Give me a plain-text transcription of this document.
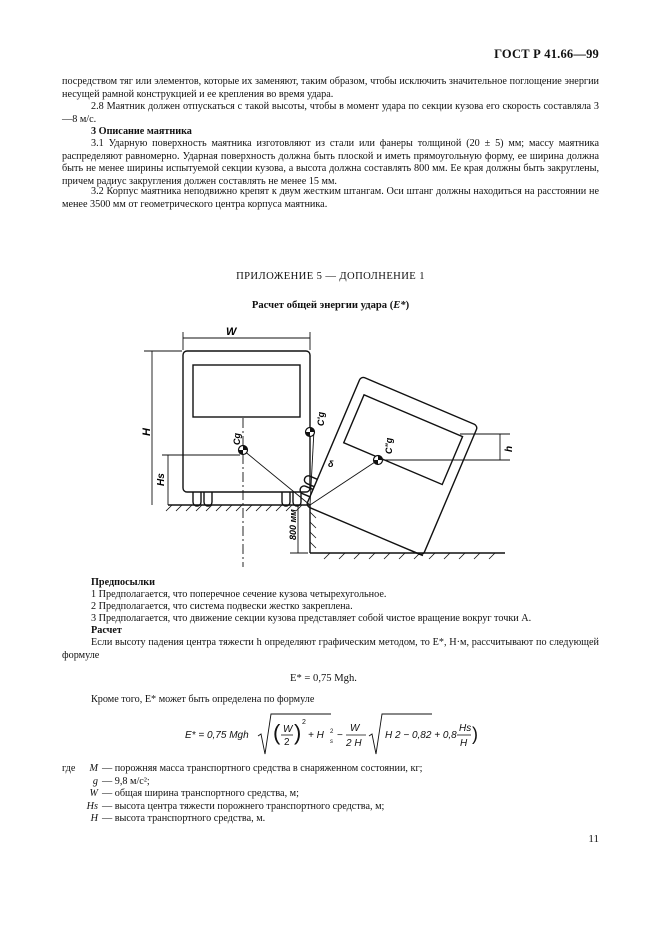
ГОСТ Р 41.66—99
посредством тяг или элементов, которые их заменяют, таким образом, чтобы исключить значительное поглощение энергии несущей рамной конструкцией и ее крепления во время удара.
2.8 Маятник должен отпускаться с такой высоты, чтобы в момент удара по секции кузова его скорость составляла 3—8 м/с.
3 Описание маятника
3.1 Ударную поверхность маятника изготовляют из стали или фанеры толщиной (20 ± 5) мм; массу маятника распределяют равномерно. Ударная поверхность должна быть плоской и иметь прямоугольную форму, ее ширина должна быть не менее ширины испытуемой секции кузова, а высота должна составлять 800 мм. Ее края должны быть закруглены, причем радиус закругления должен составлять не менее 15 мм.
3.2 Корпус маятника неподвижно крепят к двум жестким штангам. Оси штанг должны находиться на расстоянии не менее 3500 мм от геометрического центра корпуса маятника.
ПРИЛОЖЕНИЕ 5 — ДОПОЛНЕНИЕ 1
Расчет общей энергии удара (E*)
W
H
Hs
h
800 мм
Cg
C'g
C"g
δ
Предпосылки
1 Предполагается, что поперечное сечение кузова четырехугольное.
2 Предполагается, что система подвески жестко закреплена.
3 Предполагается, что движение секции кузова представляет собой чистое вращение вокруг точки А.
Расчет
Если высоту падения центра тяжести h определяют графическим методом, то E*, Н·м, рассчитывают по следующей формуле
E* = 0,75 Mgh.
Кроме того, E* может быть определена по формуле
E* = 0,75 Mgh ( W
2 ) 2
+ H
s
2 −
W
2 H
H 2 − 0,82 + 0,8
Hs
H )
где	M — порожняя масса транспортного средства в снаряженном состоянии, кг;
g — 9,8 м/с²;
W — общая ширина транспортного средства, м;
Hs — высота центра тяжести порожнего транспортного средства, м;
H — высота транспортного средства, м.
11
